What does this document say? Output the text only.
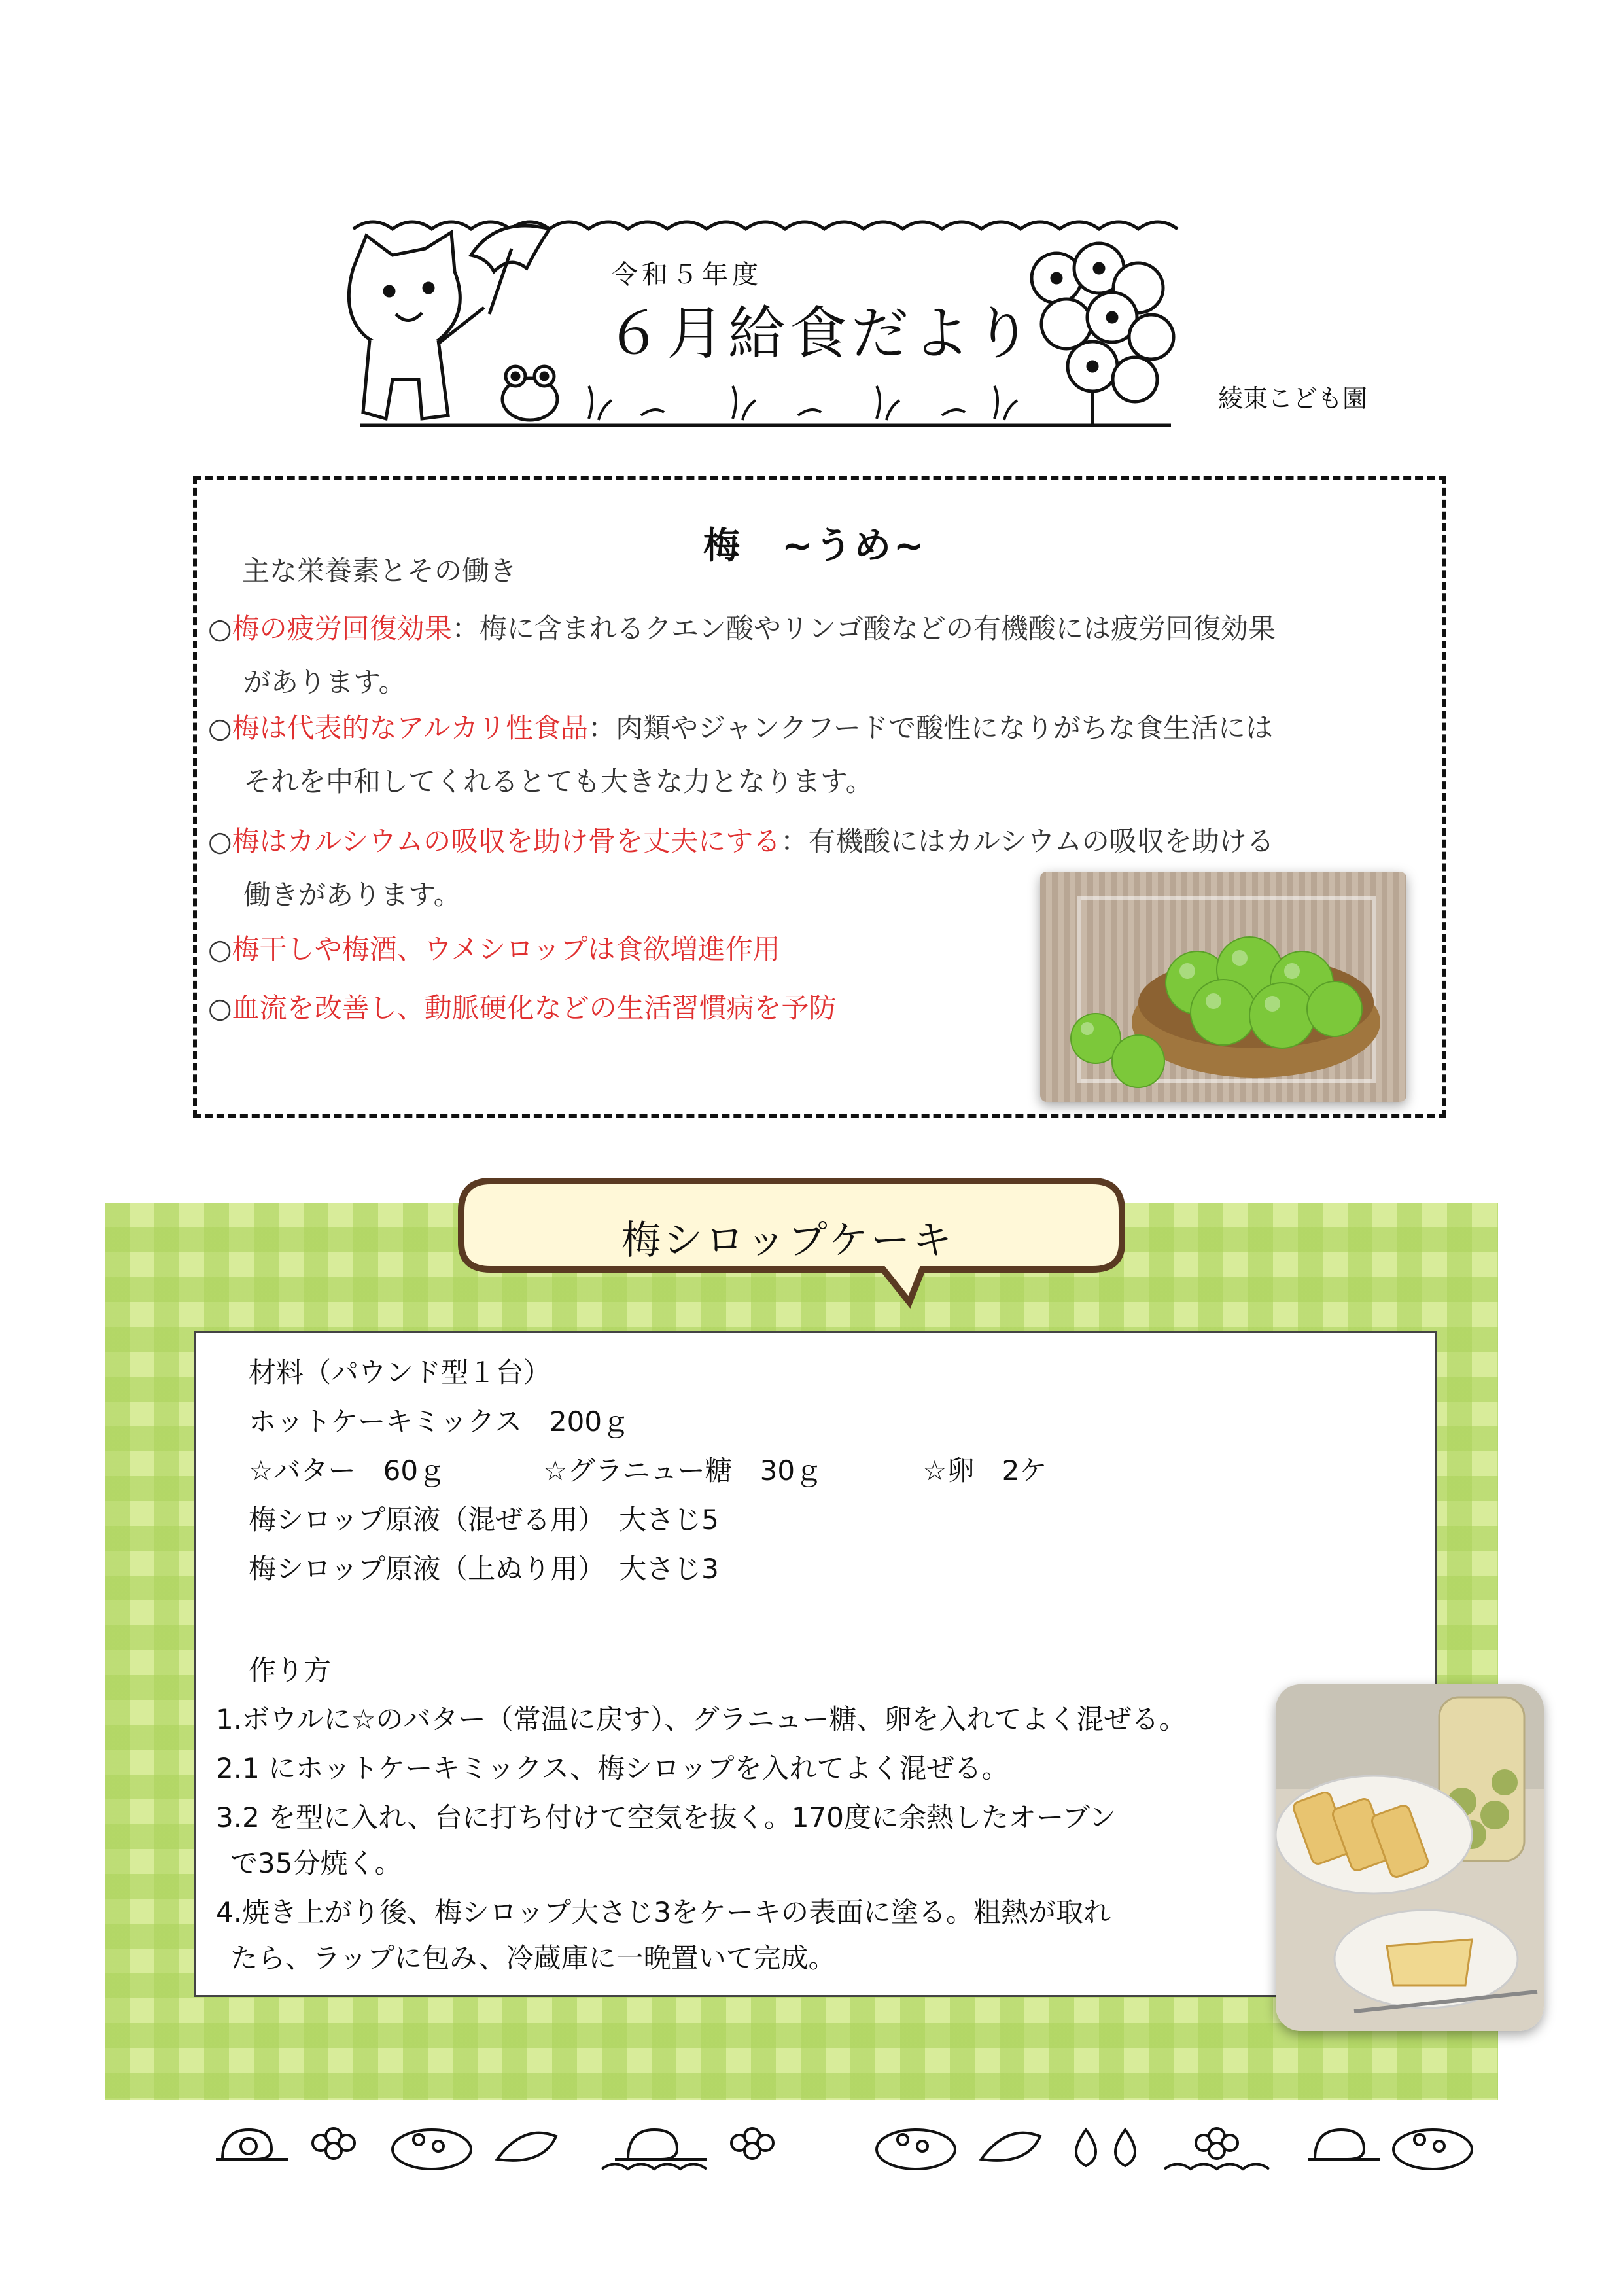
令和５年度
６月給食だより
綾東こども園
梅　~うめ~
主な栄養素とその働き
○梅の疲労回復効果：梅に含まれるクエン酸やリンゴ酸などの有機酸には疲労回復効果
があります。
○梅は代表的なアルカリ性食品：肉類やジャンクフードで酸性になりがちな食生活には
それを中和してくれるとても大きな力となります。
○梅はカルシウムの吸収を助け骨を丈夫にする：有機酸にはカルシウムの吸収を助ける
働きがあります。
○梅干しや梅酒、ウメシロップは食欲増進作用
○血流を改善し、動脈硬化などの生活習慣病を予防
梅シロップケーキ
材料（パウンド型１台）
ホットケーキミックス　200ｇ
☆バター　60ｇ	☆グラニュー糖　30ｇ	☆卵　2ケ
梅シロップ原液（混ぜる用）　大さじ5
梅シロップ原液（上ぬり用）　大さじ3
作り方
1.ボウルに☆のバター（常温に戻す）、グラニュー糖、卵を入れてよく混ぜる。
2.1 にホットケーキミックス、梅シロップを入れてよく混ぜる。
3.2 を型に入れ、台に打ち付けて空気を抜く。170度に余熱したオーブン
で35分焼く。
4.焼き上がり後、梅シロップ大さじ3をケーキの表面に塗る。粗熱が取れ
たら、ラップに包み、冷蔵庫に一晩置いて完成。
